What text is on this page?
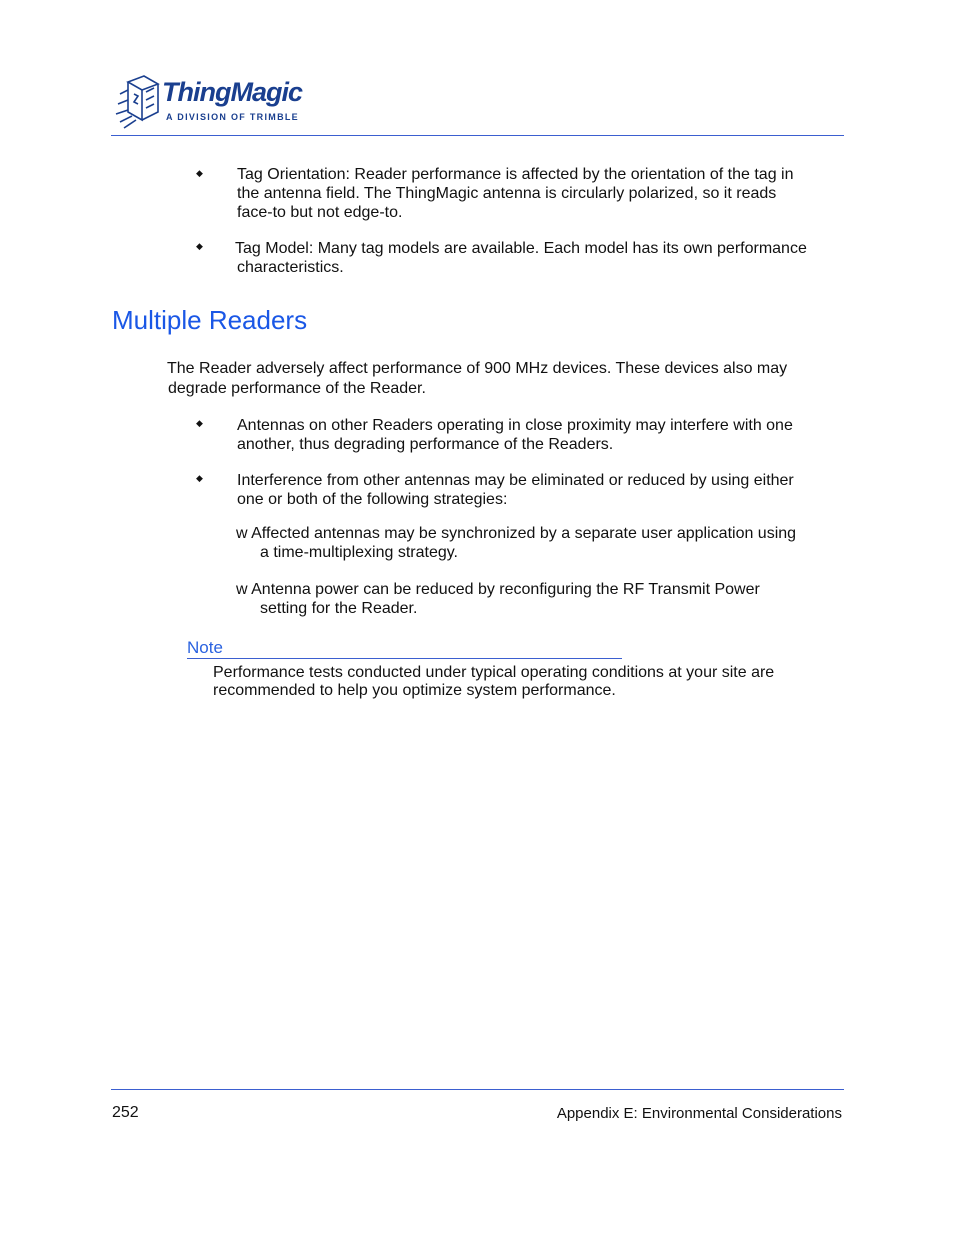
ThingMagic
A DIVISION OF TRIMBLE
◆ Tag Orientation: Reader performance is affected by the orientation of the tag in
the antenna field. The ThingMagic antenna is circularly polarized, so it reads
face-to but not edge-to.
◆ Tag Model: Many tag models are available. Each model has its own performance
characteristics.
Multiple Readers
The Reader adversely affect performance of 900 MHz devices. These devices also may
degrade performance of the Reader.
◆ Antennas on other Readers operating in close proximity may interfere with one
another, thus degrading performance of the Readers.
◆ Interference from other antennas may be eliminated or reduced by using either
one or both of the following strategies:
w Affected antennas may be synchronized by a separate user application using
a time-multiplexing strategy.
w Antenna power can be reduced by reconfiguring the RF Transmit Power
setting for the Reader.
Note
Performance tests conducted under typical operating conditions at your site are
recommended to help you optimize system performance.
252	Appendix E: Environmental Considerations
